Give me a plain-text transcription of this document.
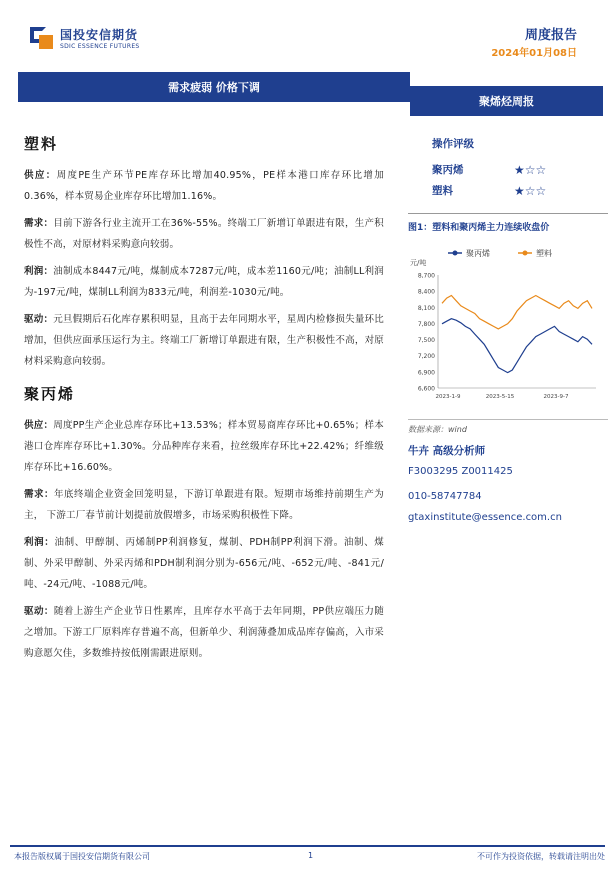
国投安信期货
SDIC ESSENCE FUTURES
周度报告
2024年01月08日
需求疲弱 价格下调
聚烯烃周报
塑料
供应：周度PE生产环节PE库存环比增加40.95%，PE样本港口库存环比增加0.36%，样本贸易企业库存环比增加1.16%。
需求：目前下游各行业主流开工在36%-55%。终端工厂新增订单跟进有限，生产积极性不高，对原材料采购意向较弱。
利润：油制成本8447元/吨，煤制成本7287元/吨，成本差1160元/吨；油制LL利润为-197元/吨，煤制LL利润为833元/吨，利润差-1030元/吨。
驱动：元旦假期后石化库存累积明显，且高于去年同期水平，星周内检修损失量环比增加，但供应面承压运行为主。终端工厂新增订单跟进有限，生产积极性不高，对原材料采购意向较弱。
聚丙烯
供应：周度PP生产企业总库存环比+13.53%；样本贸易商库存环比+0.65%；样本港口仓库库存环比+1.30%。分品种库存来看，拉丝级库存环比+22.42%；纤维级库存环比+16.60%。
需求：年底终端企业资金回笼明显，下游订单跟进有限。短期市场维持前期生产为主， 下游工厂春节前计划提前放假增多，市场采购积极性下降。
利润：油制、甲醇制、丙烯制PP利润修复，煤制、PDH制PP利润下滑。油制、煤制、外采甲醇制、外采丙烯和PDH制利润分别为-656元/吨、-652元/吨、-841元/吨、-24元/吨、-1088元/吨。
驱动：随着上游生产企业节日性累库，且库存水平高于去年同期，PP供应端压力随之增加。下游工厂原料库存普遍不高，但新单少、利润薄叠加成品库存偏高，入市采购意愿欠佳，多数维持按低刚需跟进原则。
操作评级
聚丙烯	★☆☆
塑料	★☆☆
图1：塑料和聚丙烯主力连续收盘价
元/吨
聚丙烯	塑料
6,600
6,900
7,200
7,500
7,800
8,100
8,400
8,700
2023-1-9	2023-5-15	2023-9-7
数据来源：wind
牛卉 高级分析师
F3003295 Z0011425
010-58747784
gtaxinstitute@essence.com.cn
本报告版权属于国投安信期货有限公司	1	不可作为投资依据，转载请注明出处
